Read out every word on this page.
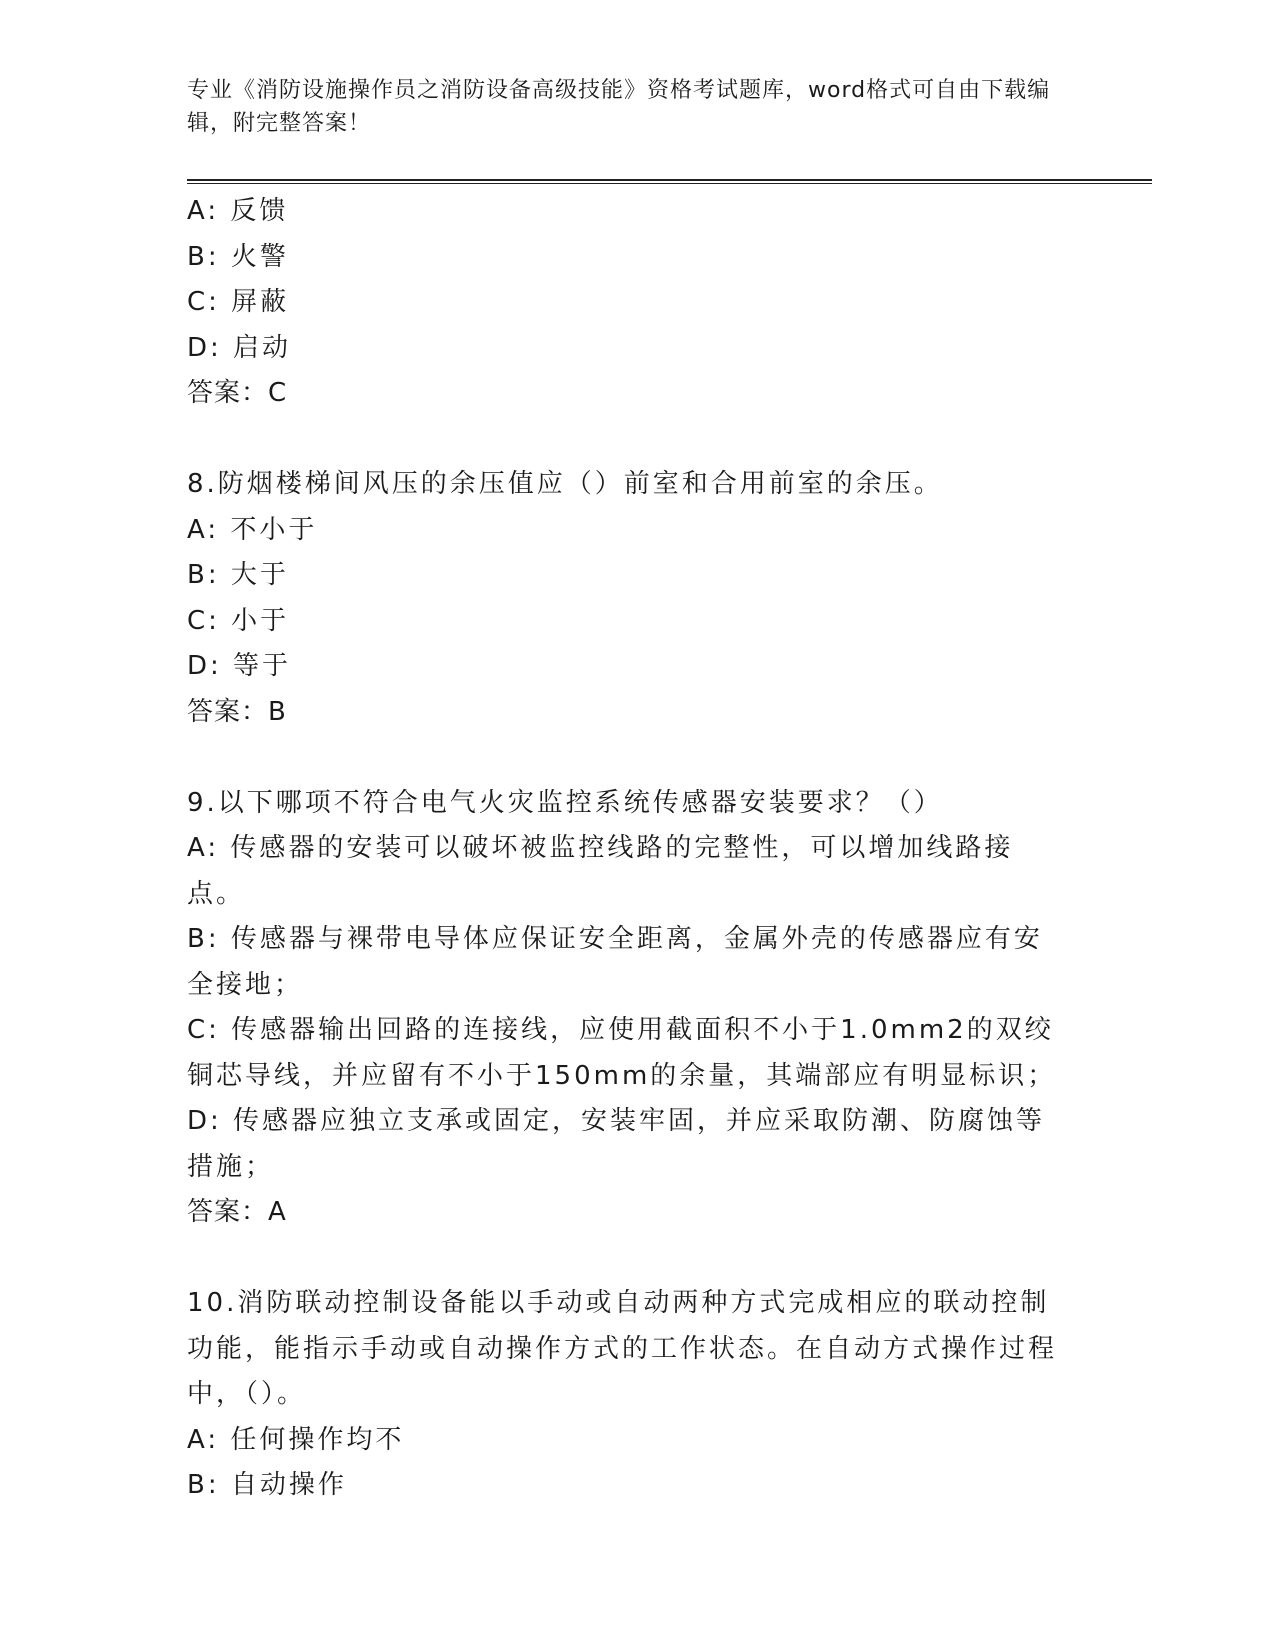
专业《消防设施操作员之消防设备高级技能》资格考试题库，word格式可自由下载编辑，附完整答案！
A: 反馈
B: 火警
C: 屏蔽
D: 启动
答案：C
8.防烟楼梯间风压的余压值应（）前室和合用前室的余压。
A: 不小于
B: 大于
C: 小于
D: 等于
答案：B
9.以下哪项不符合电气火灾监控系统传感器安装要求？（）
A: 传感器的安装可以破坏被监控线路的完整性，可以增加线路接点。
B: 传感器与裸带电导体应保证安全距离，金属外壳的传感器应有安全接地；
C: 传感器输出回路的连接线，应使用截面积不小于1.0mm2的双绞铜芯导线，并应留有不小于150mm的余量，其端部应有明显标识；
D: 传感器应独立支承或固定，安装牢固，并应采取防潮、防腐蚀等措施；
答案：A
10.消防联动控制设备能以手动或自动两种方式完成相应的联动控制功能，能指示手动或自动操作方式的工作状态。在自动方式操作过程中，（）。
A: 任何操作均不
B: 自动操作
